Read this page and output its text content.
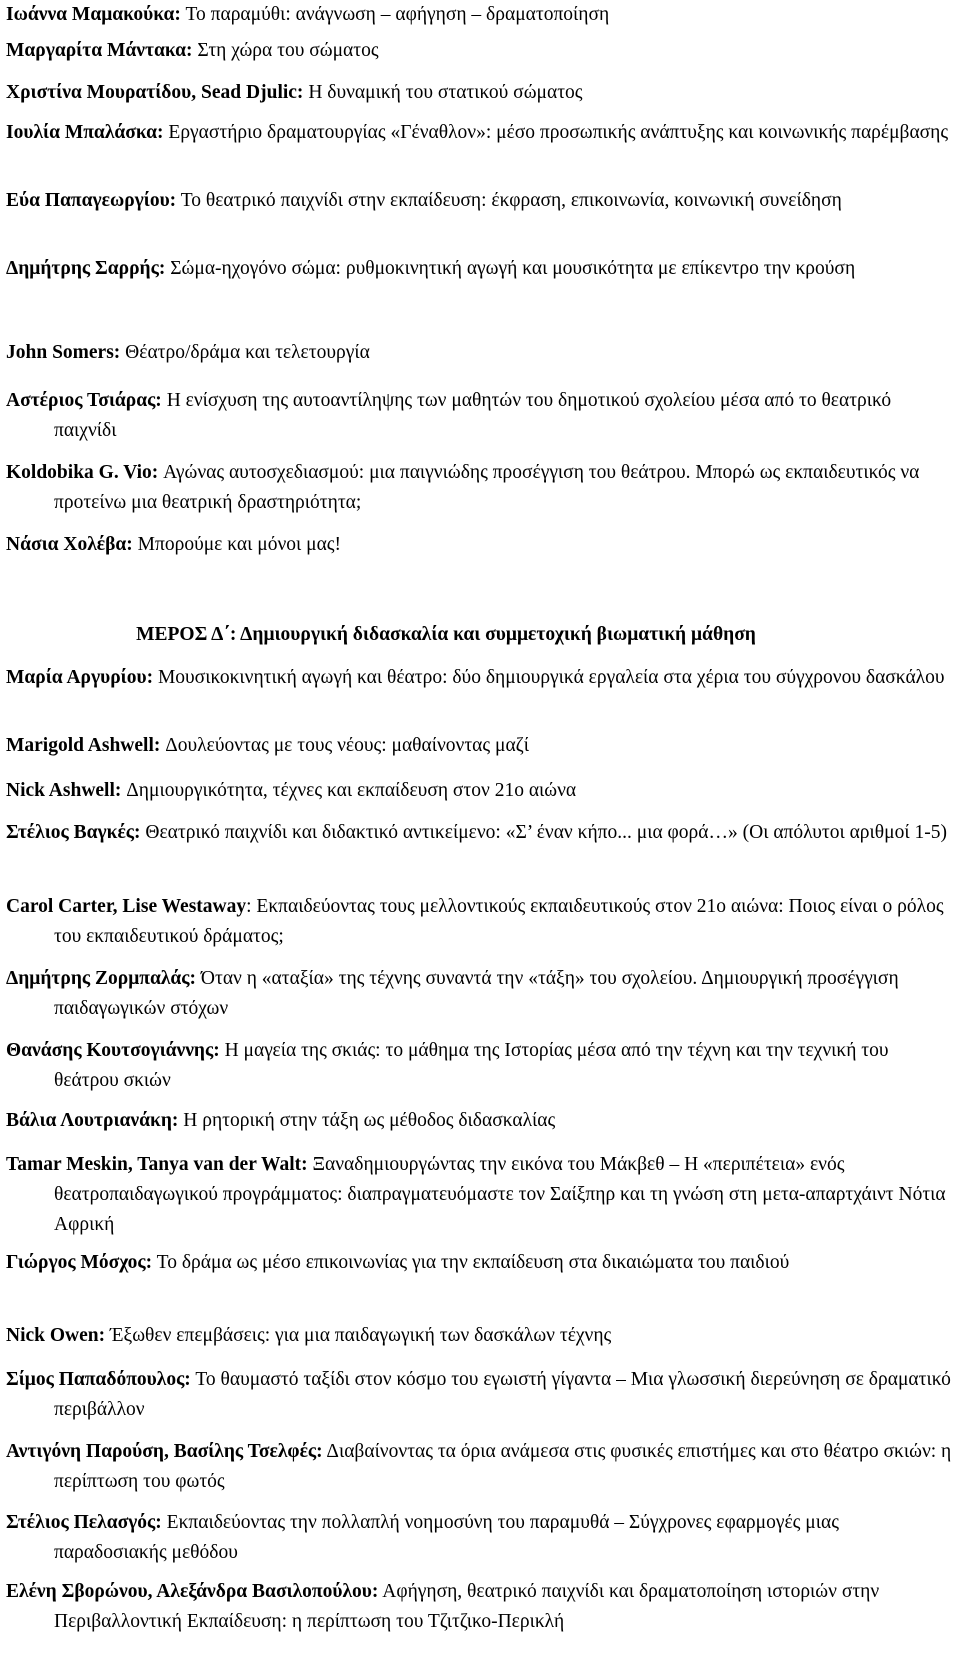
Ιωάννα Μαμακούκα: Το παραμύθι: ανάγνωση – αφήγηση – δραματοποίηση
Μαργαρίτα Μάντακα: Στη χώρα του σώματος
Χριστίνα Μουρατίδου, Sead Djulic: Η δυναμική του στατικού σώματος
Ιουλία Μπαλάσκα: Εργαστήριο δραματουργίας «Γέναθλον»: μέσο προσωπικής ανάπτυξης και κοινωνικής παρέμβασης
Εύα Παπαγεωργίου: Το θεατρικό παιχνίδι στην εκπαίδευση: έκφραση, επικοινωνία, κοινωνική συνείδηση
Δημήτρης Σαρρής: Σώμα-ηχογόνο σώμα: ρυθμοκινητική αγωγή και μουσικότητα με επίκεντρο την κρούση
John Somers: Θέατρο/δράμα και τελετουργία
Αστέριος Τσιάρας: Η ενίσχυση της αυτοαντίληψης των μαθητών του δημοτικού σχολείου μέσα από το θεατρικό παιχνίδι
Koldobika G. Vio: Αγώνας αυτοσχεδιασμού: μια παιγνιώδης προσέγγιση του θεάτρου. Μπορώ ως εκπαιδευτικός να προτείνω μια θεατρική δραστηριότητα;
Νάσια Χολέβα: Μπορούμε και μόνοι μας!
ΜΕΡΟΣ Δ΄: Δημιουργική διδασκαλία και συμμετοχική βιωματική μάθηση
Μαρία Αργυρίου: Μουσικοκινητική αγωγή και θέατρο: δύο δημιουργικά εργαλεία στα χέρια του σύγχρονου δασκάλου
Marigold Ashwell: Δουλεύοντας με τους νέους: μαθαίνοντας μαζί
Nick Ashwell: Δημιουργικότητα, τέχνες και εκπαίδευση στον 21ο αιώνα
Στέλιος Βαγκές: Θεατρικό παιχνίδι και διδακτικό αντικείμενο: «Σ’ έναν κήπο... μια φορά…» (Οι απόλυτοι αριθμοί 1-5)
Carol Carter, Lise Westaway: Εκπαιδεύοντας τους μελλοντικούς εκπαιδευτικούς στον 21ο αιώνα: Ποιος είναι ο ρόλος του εκπαιδευτικού δράματος;
Δημήτρης Ζορμπαλάς: Όταν η «αταξία» της τέχνης συναντά την «τάξη» του σχολείου. Δημιουργική προσέγγιση παιδαγωγικών στόχων
Θανάσης Κουτσογιάννης: Η μαγεία της σκιάς: το μάθημα της Ιστορίας μέσα από την τέχνη και την τεχνική του θεάτρου σκιών
Βάλια Λουτριανάκη: Η ρητορική στην τάξη ως μέθοδος διδασκαλίας
Tamar Meskin, Tanya van der Walt: Ξαναδημιουργώντας την εικόνα του Μάκβεθ – Η «περιπέτεια» ενός θεατροπαιδαγωγικού προγράμματος: διαπραγματευόμαστε τον Σαίξπηρ και τη γνώση στη μετα-απαρτχάιντ Νότια Αφρική
Γιώργος Μόσχος: Το δράμα ως μέσο επικοινωνίας για την εκπαίδευση στα δικαιώματα του παιδιού
Nick Owen: Έξωθεν επεμβάσεις: για μια παιδαγωγική των δασκάλων τέχνης
Σίμος Παπαδόπουλος: Το θαυμαστό ταξίδι στον κόσμο του εγωιστή γίγαντα – Μια γλωσσική διερεύνηση σε δραματικό περιβάλλον
Αντιγόνη Παρούση, Βασίλης Τσελφές: Διαβαίνοντας τα όρια ανάμεσα στις φυσικές επιστήμες και στο θέατρο σκιών: η περίπτωση του φωτός
Στέλιος Πελασγός: Εκπαιδεύοντας την πολλαπλή νοημοσύνη του παραμυθά – Σύγχρονες εφαρμογές μιας παραδοσιακής μεθόδου
Ελένη Σβορώνου, Αλεξάνδρα Βασιλοπούλου: Αφήγηση, θεατρικό παιχνίδι και δραματοποίηση ιστοριών στην Περιβαλλοντική Εκπαίδευση: η περίπτωση του Τζιτζικο-Περικλή
